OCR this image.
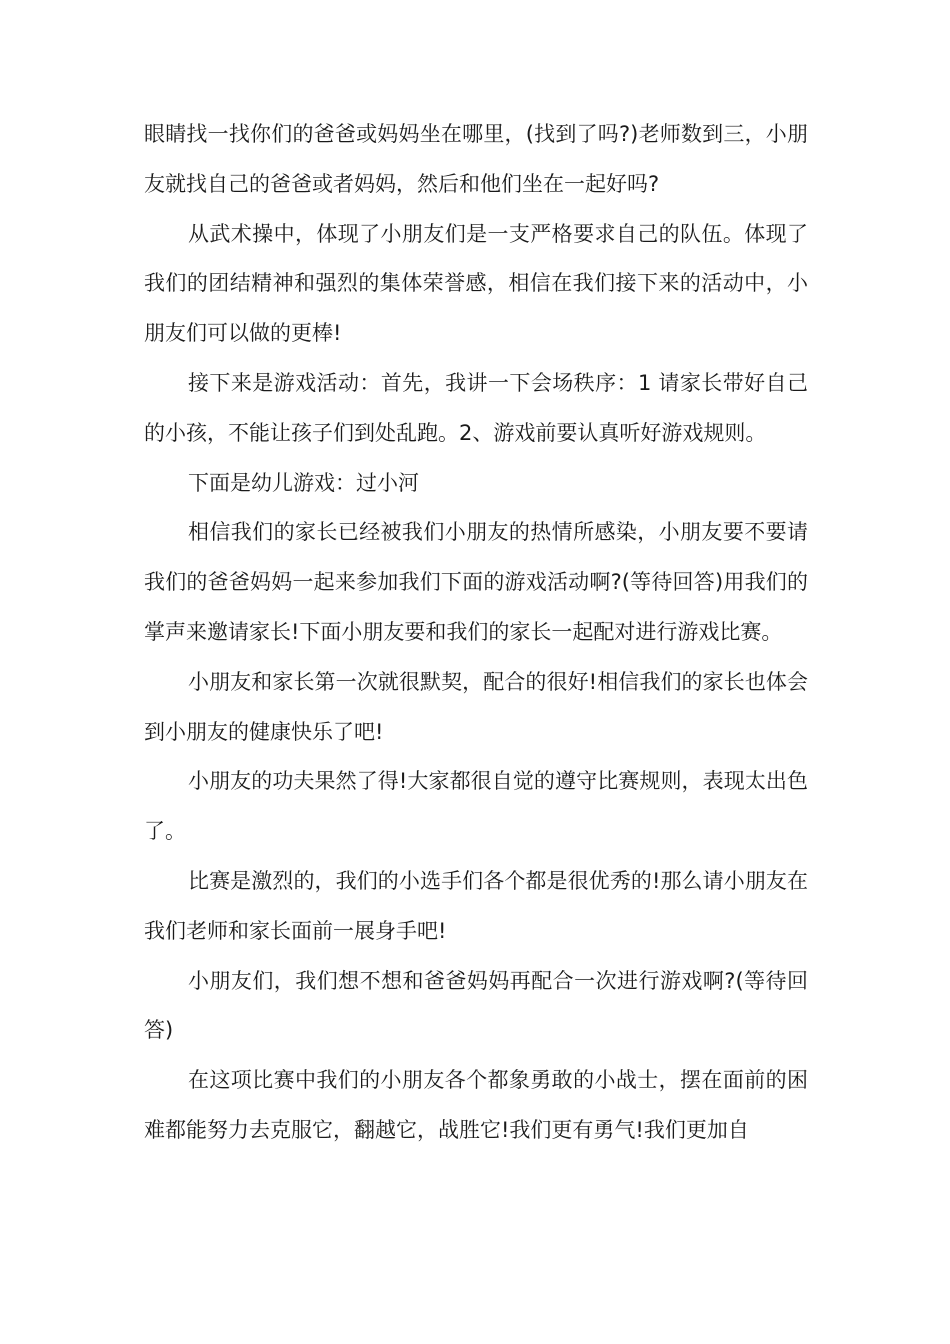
眼睛找一找你们的爸爸或妈妈坐在哪里，(找到了吗?)老师数到三，小朋友就找自己的爸爸或者妈妈，然后和他们坐在一起好吗?

从武术操中，体现了小朋友们是一支严格要求自己的队伍。体现了我们的团结精神和强烈的集体荣誉感，相信在我们接下来的活动中，小朋友们可以做的更棒!

接下来是游戏活动：首先，我讲一下会场秩序：1 请家长带好自己的小孩，不能让孩子们到处乱跑。2、游戏前要认真听好游戏规则。

下面是幼儿游戏：过小河

相信我们的家长已经被我们小朋友的热情所感染，小朋友要不要请我们的爸爸妈妈一起来参加我们下面的游戏活动啊?(等待回答)用我们的掌声来邀请家长!下面小朋友要和我们的家长一起配对进行游戏比赛。

小朋友和家长第一次就很默契，配合的很好!相信我们的家长也体会到小朋友的健康快乐了吧!

小朋友的功夫果然了得!大家都很自觉的遵守比赛规则，表现太出色了。

比赛是激烈的，我们的小选手们各个都是很优秀的!那么请小朋友在我们老师和家长面前一展身手吧!

小朋友们，我们想不想和爸爸妈妈再配合一次进行游戏啊?(等待回答)

在这项比赛中我们的小朋友各个都象勇敢的小战士，摆在面前的困难都能努力去克服它，翻越它，战胜它!我们更有勇气!我们更加自
